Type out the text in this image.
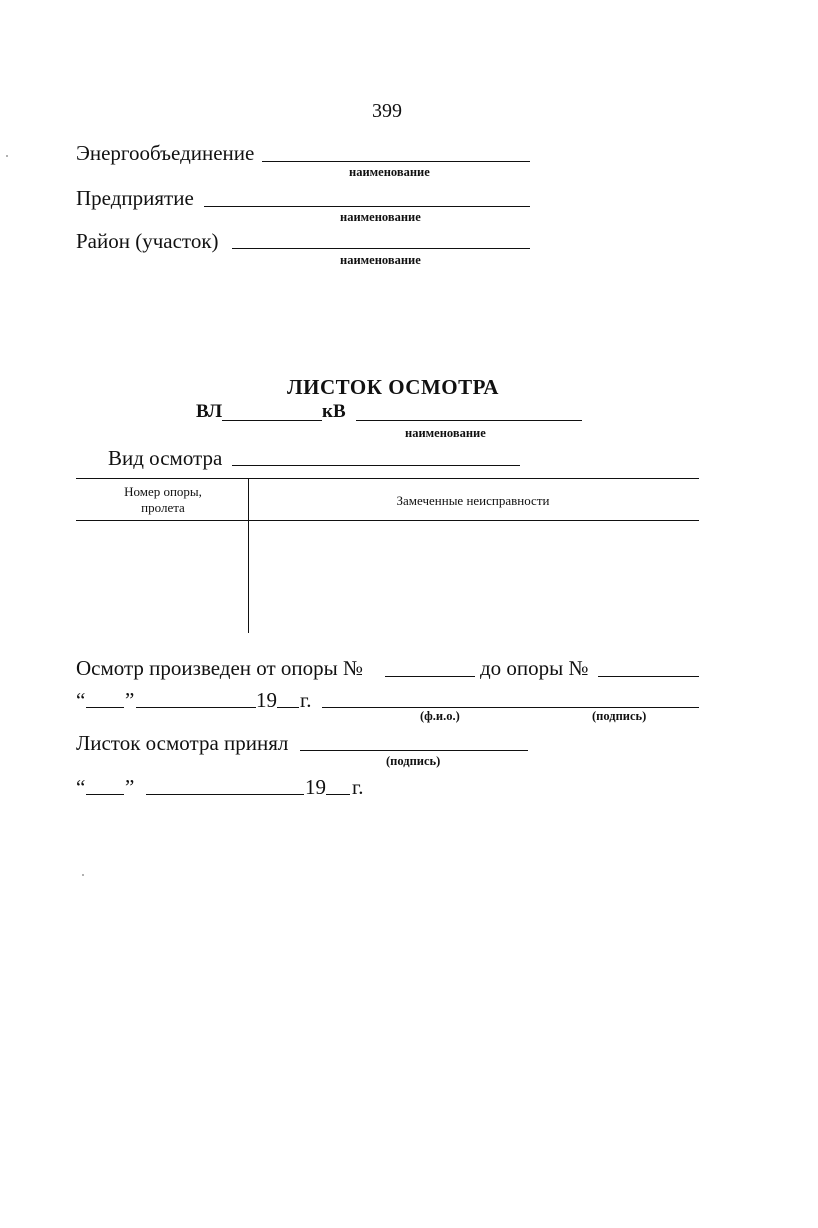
399
Энергообъединение
наименование
Предприятие
наименование
Район (участок)
наименование
ЛИСТОК ОСМОТРА
ВЛ	кВ
наименование
Вид осмотра
Номер опоры,
пролета	Замеченные неисправности
Осмотр произведен от опоры №	до опоры №
“ ”	19 г.
(ф.и.о.)	(подпись)
Листок осмотра принял
(подпись)
“ ”	19 г.
